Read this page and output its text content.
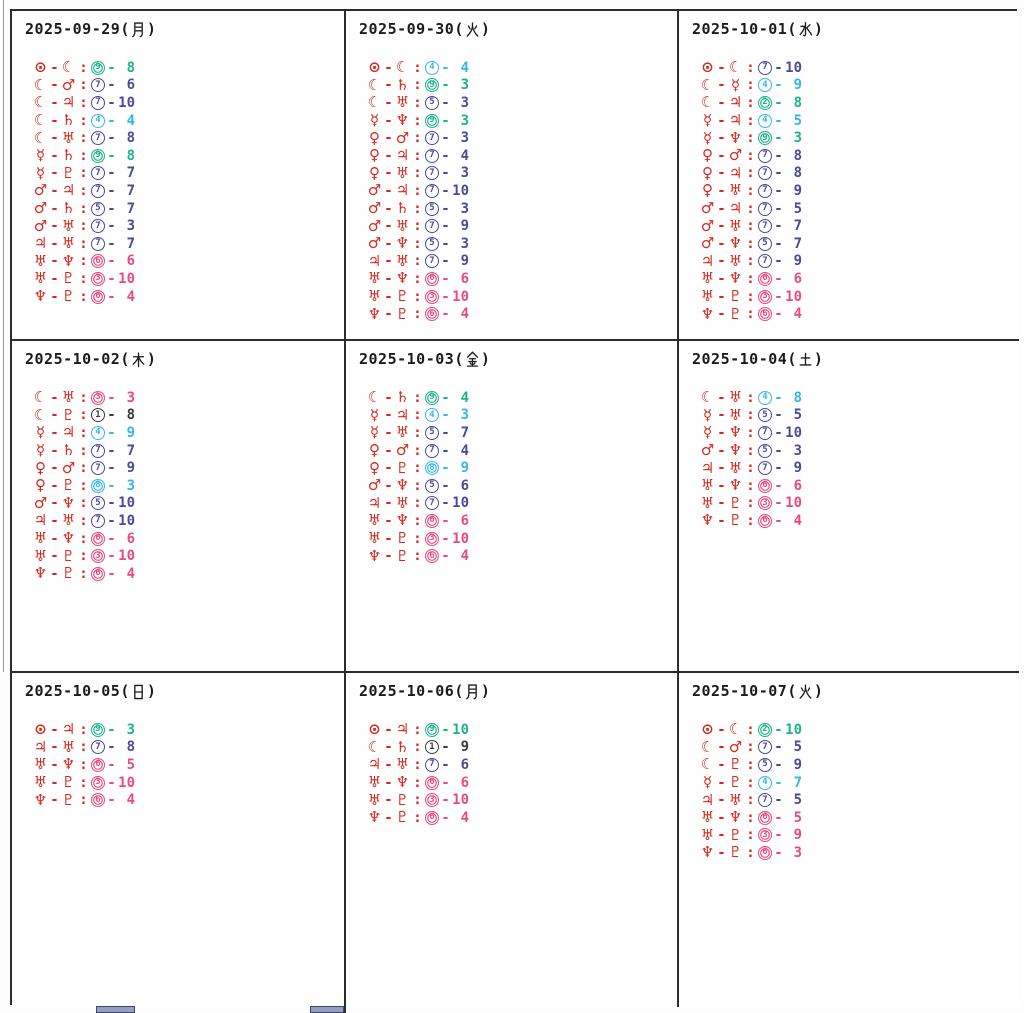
2025-09-29 ( )
⊙ - ☾ : 9 - 8
☾ - ♂ : 7 - 6
☾ - ♃ : 7 - 10
☾ - ♄ : 4 - 4
☾ - ♅ : 7 - 8
☿ - ♄ : 9 - 8
☿ - ♇ : 7 - 7
♂ - ♃ : 7 - 7
♂ - ♄ : 5 - 7
♂ - ♅ : 7 - 3
♃ - ♅ : 7 - 7
♅ - ♆ : 6 - 6
♅ - ♇ : 3 - 10
♆ - ♇ : 6 - 4
2025-09-30 ( )
⊙ - ☾ : 4 - 4
☾ - ♄ : 9 - 3
☾ - ♅ : 5 - 3
☿ - ♆ : 9 - 3
♀ - ♂ : 7 - 3
♀ - ♃ : 7 - 4
♀ - ♅ : 7 - 3
♂ - ♃ : 7 - 10
♂ - ♄ : 5 - 3
♂ - ♅ : 7 - 9
♂ - ♆ : 5 - 3
♃ - ♅ : 7 - 9
♅ - ♆ : 6 - 6
♅ - ♇ : 3 - 10
♆ - ♇ : 6 - 4
2025-10-01 ( )
⊙ - ☾ : 7 - 10
☾ - ☿ : 4 - 9
☾ - ♃ : 2 - 8
☿ - ♃ : 4 - 5
☿ - ♆ : 9 - 3
♀ - ♂ : 7 - 8
♀ - ♃ : 7 - 8
♀ - ♅ : 7 - 9
♂ - ♃ : 7 - 5
♂ - ♅ : 7 - 7
♂ - ♆ : 5 - 7
♃ - ♅ : 7 - 9
♅ - ♆ : 6 - 6
♅ - ♇ : 3 - 10
♆ - ♇ : 6 - 4
2025-10-02 ( )
☾ - ♅ : 3 - 3
☾ - ♇ : 1 - 8
☿ - ♃ : 4 - 9
☿ - ♄ : 7 - 7
♀ - ♂ : 7 - 9
♀ - ♇ : 8 - 3
♂ - ♆ : 5 - 10
♃ - ♅ : 7 - 10
♅ - ♆ : 6 - 6
♅ - ♇ : 3 - 10
♆ - ♇ : 6 - 4
2025-10-03 ( )
☾ - ♄ : 9 - 4
☿ - ♃ : 4 - 3
☿ - ♅ : 5 - 7
♀ - ♂ : 7 - 4
♀ - ♇ : 8 - 9
♂ - ♆ : 5 - 6
♃ - ♅ : 7 - 10
♅ - ♆ : 6 - 6
♅ - ♇ : 3 - 10
♆ - ♇ : 6 - 4
2025-10-04 ( )
☾ - ♅ : 4 - 8
☿ - ♅ : 5 - 5
☿ - ♆ : 7 - 10
♂ - ♆ : 5 - 3
♃ - ♅ : 7 - 9
♅ - ♆ : 6 - 6
♅ - ♇ : 3 - 10
♆ - ♇ : 6 - 4
2025-10-05 ( )
⊙ - ♃ : 9 - 3
♃ - ♅ : 7 - 8
♅ - ♆ : 6 - 5
♅ - ♇ : 3 - 10
♆ - ♇ : 6 - 4
2025-10-06 ( )
⊙ - ♃ : 9 - 10
☾ - ♄ : 1 - 9
♃ - ♅ : 7 - 6
♅ - ♆ : 6 - 6
♅ - ♇ : 3 - 10
♆ - ♇ : 6 - 4
2025-10-07 ( )
⊙ - ☾ : 2 - 10
☾ - ♂ : 7 - 5
☾ - ♇ : 5 - 9
☿ - ♇ : 4 - 7
♃ - ♅ : 7 - 5
♅ - ♆ : 6 - 5
♅ - ♇ : 3 - 9
♆ - ♇ : 6 - 3
